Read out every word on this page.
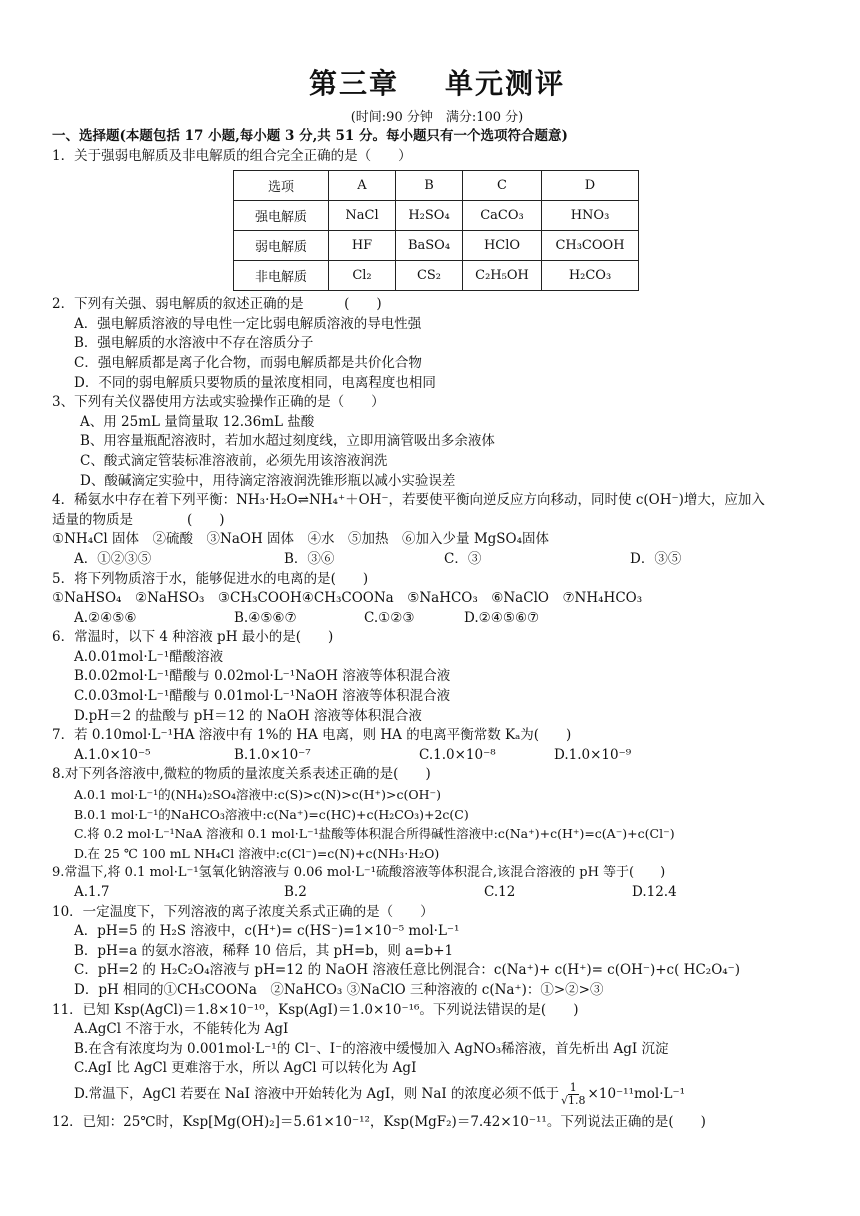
第三章 单元测评
(时间:90 分钟　满分:100 分)
一、选择题(本题包括 17 小题,每小题 3 分,共 51 分。每小题只有一个选项符合题意)
1．关于强弱电解质及非电解质的组合完全正确的是（　　）
选项	A	B	C	D
强电解质	NaCl	H₂SO₄	CaCO₃	HNO₃
弱电解质	HF	BaSO₄	HClO	CH₃COOH
非电解质	Cl₂	CS₂	C₂H₅OH	H₂CO₃
2．下列有关强、弱电解质的叙述正确的是　　　(　　)
A．强电解质溶液的导电性一定比弱电解质溶液的导电性强
B．强电解质的水溶液中不存在溶质分子
C．强电解质都是离子化合物，而弱电解质都是共价化合物
D．不同的弱电解质只要物质的量浓度相同，电离程度也相同
3、下列有关仪器使用方法或实验操作正确的是（　　）
A、用 25mL 量筒量取 12.36mL 盐酸
B、用容量瓶配溶液时，若加水超过刻度线，立即用滴管吸出多余液体
C、酸式滴定管装标准溶液前，必须先用该溶液润洗
D、酸碱滴定实验中，用待滴定溶液润洗锥形瓶以减小实验误差
4．稀氨水中存在着下列平衡：NH₃·H₂O⇌NH₄⁺＋OH⁻，若要使平衡向逆反应方向移动，同时使 c(OH⁻)增大，应加入
适量的物质是　　　　(　　)
①NH₄Cl 固体　②硫酸　③NaOH 固体　④水　⑤加热　⑥加入少量 MgSO₄固体
A．①②③⑤	B．③⑥	C．③	D．③⑤
5．将下列物质溶于水，能够促进水的电离的是(　　)
①NaHSO₄　②NaHSO₃　③CH₃COOH④CH₃COONa　⑤NaHCO₃　⑥NaClO　⑦NH₄HCO₃
A.②④⑤⑥	B.④⑤⑥⑦	C.①②③	D.②④⑤⑥⑦
6．常温时，以下 4 种溶液 pH 最小的是(　　)
A.0.01mol·L⁻¹醋酸溶液
B.0.02mol·L⁻¹醋酸与 0.02mol·L⁻¹NaOH 溶液等体积混合液
C.0.03mol·L⁻¹醋酸与 0.01mol·L⁻¹NaOH 溶液等体积混合液
D.pH＝2 的盐酸与 pH＝12 的 NaOH 溶液等体积混合液
7．若 0.10mol·L⁻¹HA 溶液中有 1%的 HA 电离，则 HA 的电离平衡常数 Kₐ为(　　)
A.1.0×10⁻⁵	B.1.0×10⁻⁷	C.1.0×10⁻⁸	D.1.0×10⁻⁹
8.对下列各溶液中,微粒的物质的量浓度关系表述正确的是(　　)
A.0.1 mol·L⁻¹的(NH₄)₂SO₄溶液中:c(S)>c(N)>c(H⁺)>c(OH⁻)
B.0.1 mol·L⁻¹的NaHCO₃溶液中:c(Na⁺)=c(HC)+c(H₂CO₃)+2c(C)
C.将 0.2 mol·L⁻¹NaA 溶液和 0.1 mol·L⁻¹盐酸等体积混合所得碱性溶液中:c(Na⁺)+c(H⁺)=c(A⁻)+c(Cl⁻)
D.在 25 ℃ 100 mL NH₄Cl 溶液中:c(Cl⁻)=c(N)+c(NH₃·H₂O)
9.常温下,将 0.1 mol·L⁻¹氢氧化钠溶液与 0.06 mol·L⁻¹硫酸溶液等体积混合,该混合溶液的 pH 等于(　　)
A.1.7	B.2	C.12	D.12.4
10．一定温度下，下列溶液的离子浓度关系式正确的是（　　）
A．pH=5 的 H₂S 溶液中，c(H⁺)= c(HS⁻)=1×10⁻⁵ mol·L⁻¹
B．pH=a 的氨水溶液，稀释 10 倍后，其 pH=b，则 a=b+1
C．pH=2 的 H₂C₂O₄溶液与 pH=12 的 NaOH 溶液任意比例混合：c(Na⁺)+ c(H⁺)= c(OH⁻)+c( HC₂O₄⁻)
D．pH 相同的①CH₃COONa　②NaHCO₃ ③NaClO 三种溶液的 c(Na⁺)：①>②>③
11．已知 Ksp(AgCl)＝1.8×10⁻¹⁰，Ksp(AgI)＝1.0×10⁻¹⁶。下列说法错误的是(　　)
A.AgCl 不溶于水，不能转化为 AgI
B.在含有浓度均为 0.001mol·L⁻¹的 Cl⁻、I⁻的溶液中缓慢加入 AgNO₃稀溶液，首先析出 AgI 沉淀
C.AgI 比 AgCl 更难溶于水，所以 AgCl 可以转化为 AgI
D.常温下，AgCl 若要在 NaI 溶液中开始转化为 AgI，则 NaI 的浓度必须不低于 $\frac{1}{√1.8} \times 10^{-11}mol\cdot L^{-1}$
12．已知：25℃时，Ksp[Mg(OH)₂]＝5.61×10⁻¹²，Ksp(MgF₂)＝7.42×10⁻¹¹。下列说法正确的是(　　)
